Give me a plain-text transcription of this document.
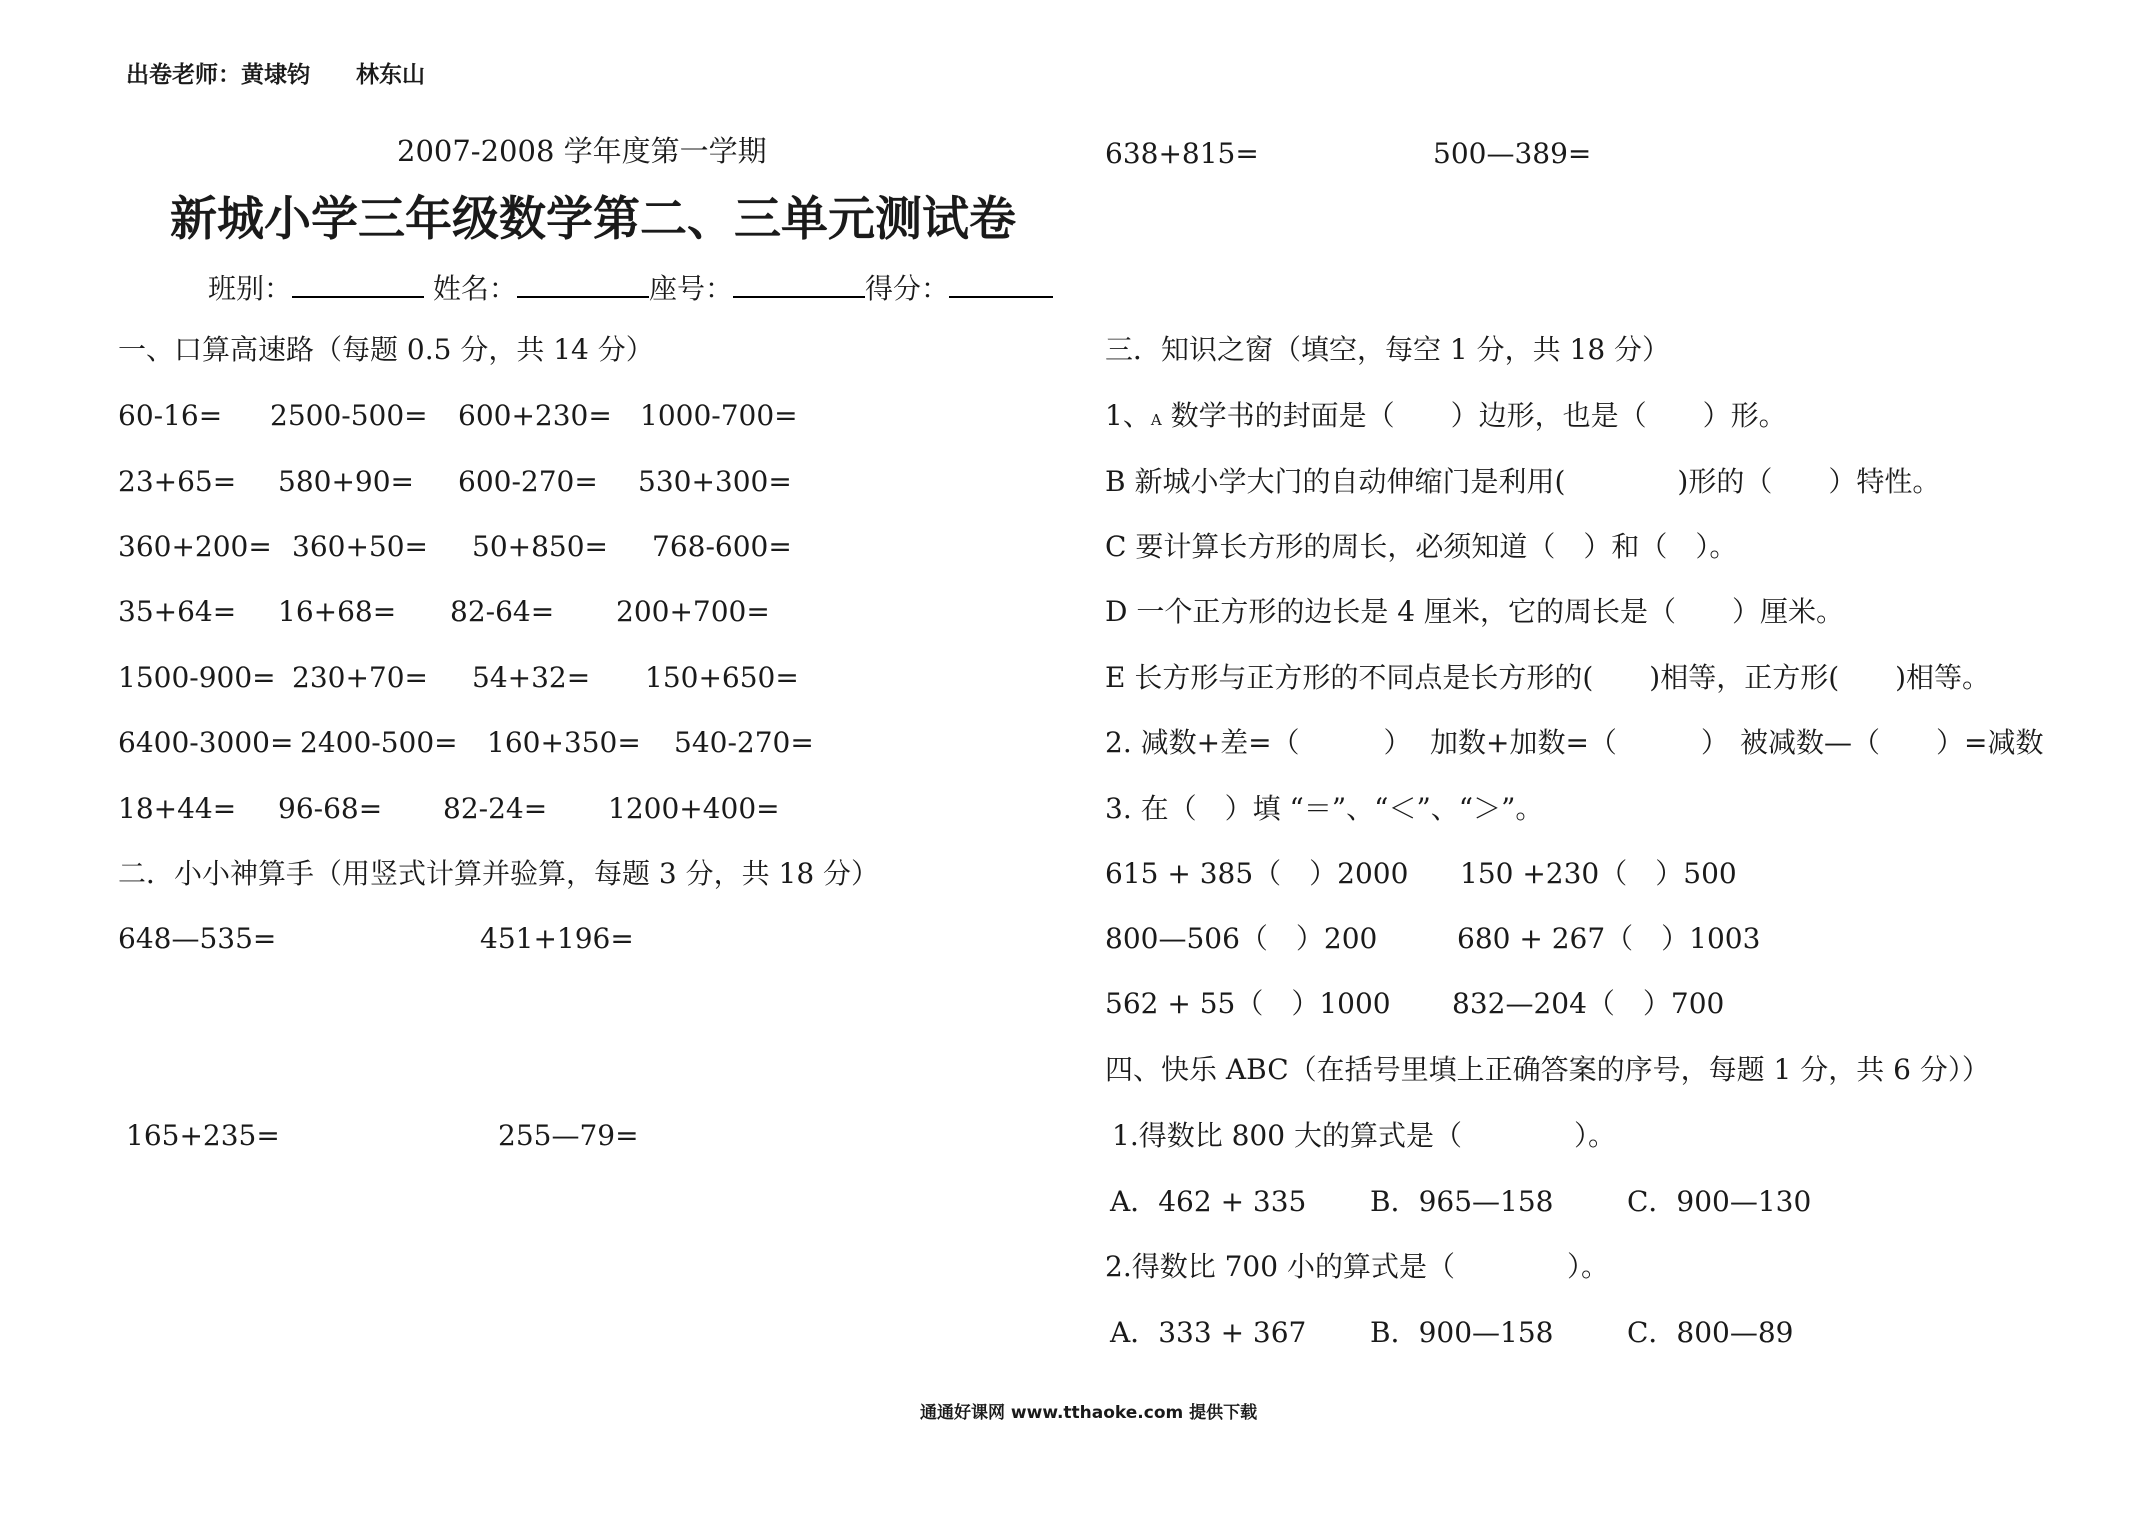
出卷老师：黄埭钧　　林东山
2007-2008 学年度第一学期
新城小学三年级数学第二、三单元测试卷
班别：	姓名：	座号：	得分：
一、口算高速路（每题 0.5 分，共 14 分）
60-16= 2500-500= 600+230= 1000-700=
23+65= 580+90= 600-270= 530+300=
360+200= 360+50= 50+850= 768-600=
35+64= 16+68= 82-64= 200+700=
1500-900= 230+70= 54+32= 150+650=
6400-3000= 2400-500= 160+350= 540-270=
18+44= 96-68= 82-24= 1200+400=
二．小小神算手（用竖式计算并验算，每题 3 分，共 18 分）
648—535=	451+196=
165+235=	255—79=
638+815=	500—389=
三．知识之窗（填空，每空 1 分，共 18 分）
1、A 数学书的封面是（　　）边形，也是（　　）形。
B 新城小学大门的自动伸缩门是利用(　　　　)形的（　　）特性。
C 要计算长方形的周长，必须知道（　）和（　）。
D 一个正方形的边长是 4 厘米，它的周长是（　　）厘米。
E 长方形与正方形的不同点是长方形的(　　)相等，正方形(　　)相等。
2. 减数+差=（　　　） 加数+加数=（　　　） 被减数—（　　）=减数
3. 在（　）填 “＝”、“＜”、“＞”。
615 + 385（　）2000 150 +230（　）500
800—506（　）200	680 + 267（　）1003
562 + 55（　）1000 832—204（　）700
四、快乐 ABC（在括号里填上正确答案的序号，每题 1 分，共 6 分））
1.得数比 800 大的算式是（　　　　）。
A．462 + 335 B．965—158	C．900—130
2.得数比 700 小的算式是（　　　　）。
A．333 + 367 B．900—158	C．800—89
通通好课网 www.tthaoke.com 提供下载
